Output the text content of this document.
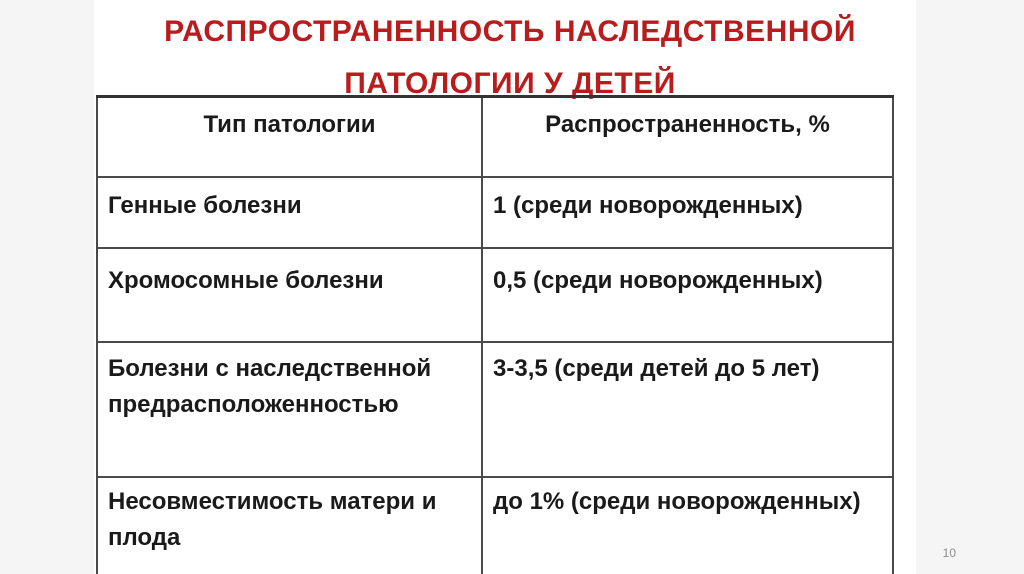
РАСПРОСТРАНЕННОСТЬ НАСЛЕДСТВЕННОЙ
ПАТОЛОГИИ У ДЕТЕЙ
Тип патологии	Распространенность, %
Генные болезни	1 (среди новорожденных)
Хромосомные болезни	0,5 (среди новорожденных)
Болезни с наследственной предрасположенностью	3-3,5 (среди детей до 5 лет)
Несовместимость матери и плода	до 1% (среди новорожденных)
10
